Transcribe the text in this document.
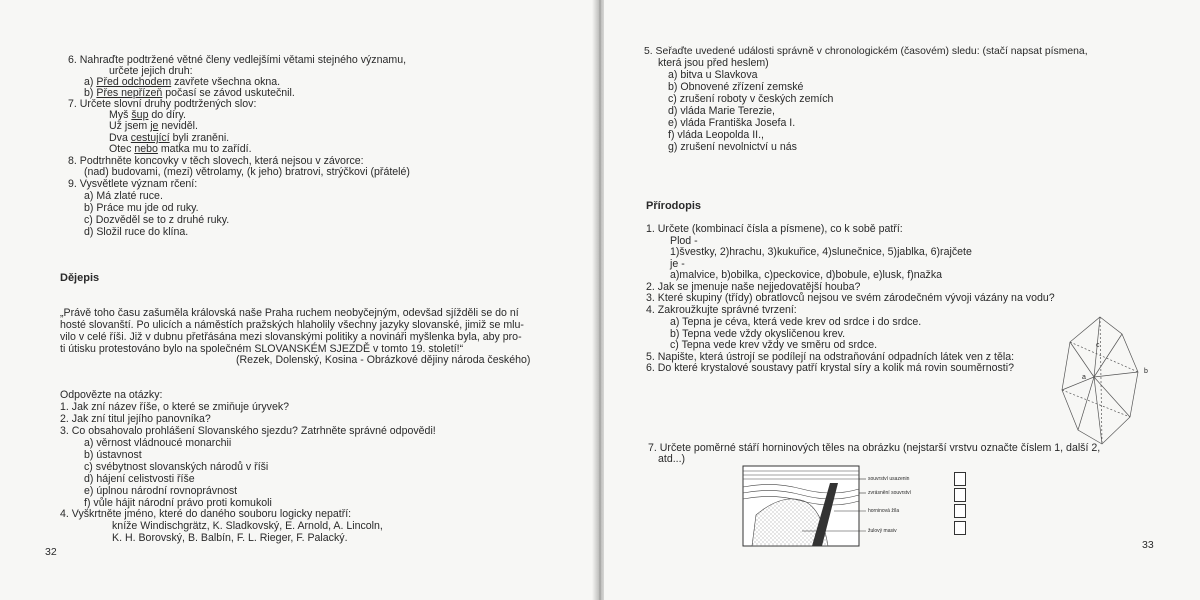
6. Nahraďte podtržené větné členy vedlejšími větami stejného významu,
určete jejich druh:
a) Před odchodem zavřete všechna okna.
b) Přes nepřízeň počasí se závod uskutečnil.
7. Určete slovní druhy podtržených slov:
Myš šup do díry.
Už jsem je neviděl.
Dva cestující byli zraněni.
Otec nebo matka mu to zařídí.
8. Podtrhněte koncovky v těch slovech, která nejsou v závorce:
(nad) budovami, (mezi) větrolamy, (k jeho) bratrovi, strýčkovi (přátelé)
9. Vysvětlete význam rčení:
a) Má zlaté ruce.
b) Práce mu jde od ruky.
c) Dozvěděl se to z druhé ruky.
d) Složil ruce do klína.
Dějepis
„Právě toho času zašuměla královská naše Praha ruchem neobyčejným, odevšad sjížděli se do ní
hosté slovanští. Po ulicích a náměstích pražských hlaholily všechny jazyky slovanské, jimiž se mlu-
vilo v celé říši. Již v dubnu přetřásána mezi slovanskými politiky a novináři myšlenka byla, aby pro-
ti útisku protestováno bylo na společném SLOVANSKÉM SJEZDĚ v tomto 19. století!“
(Rezek, Dolenský, Kosina - Obrázkové dějiny národa českého)
Odpovězte na otázky:
1. Jak zní název říše, o které se zmiňuje úryvek?
2. Jak zní titul jejího panovníka?
3. Co obsahovalo prohlášení Slovanského sjezdu? Zatrhněte správné odpovědi!
a) věrnost vládnoucé monarchii
b) ústavnost
c) svébytnost slovanských národů v říši
d) hájení celistvosti říše
e) úplnou národní rovnoprávnost
f) vůle hájit národní právo proti komukoli
4. Vyškrtněte jméno, které do daného souboru logicky nepatří:
kníže Windischgrätz, K. Sladkovský, E. Arnold, A. Lincoln,
K. H. Borovský, B. Balbín, F. L. Rieger, F. Palacký.
32
5. Seřaďte uvedené události správně v chronologickém (časovém) sledu: (stačí napsat písmena,
která jsou před heslem)
a) bitva u Slavkova
b) Obnovené zřízení zemské
c) zrušení roboty v českých zemích
d) vláda Marie Terezie,
e) vláda Františka Josefa I.
f) vláda Leopolda II.,
g) zrušení nevolnictví u nás
Přírodopis
1. Určete (kombinací čísla a písmene), co k sobě patří:
Plod -
1)švestky, 2)hrachu, 3)kukuřice, 4)slunečnice, 5)jablka, 6)rajčete
je -
a)malvice, b)obilka, c)peckovice, d)bobule, e)lusk, f)nažka
2. Jak se jmenuje naše nejjedovatější houba?
3. Které skupiny (třídy) obratlovců nejsou ve svém zárodečném vývoji vázány na vodu?
4. Zakroužkujte správné tvrzení:
a) Tepna je céva, která vede krev od srdce i do srdce.
b) Tepna vede vždy okysličenou krev.
c) Tepna vede krev vždy ve směru od srdce.
5. Napište, která ústrojí se podílejí na odstraňování odpadních látek ven z těla:
6. Do které krystalové soustavy patří krystal síry a kolik má rovin souměrnosti?
c
a
b
7. Určete poměrné stáří horninových těles na obrázku (nejstarší vrstvu označte číslem 1, další 2,
atd...)
souvrství usazenin
zvrásnění souvrství
horninová žíla
žulový masiv
33
